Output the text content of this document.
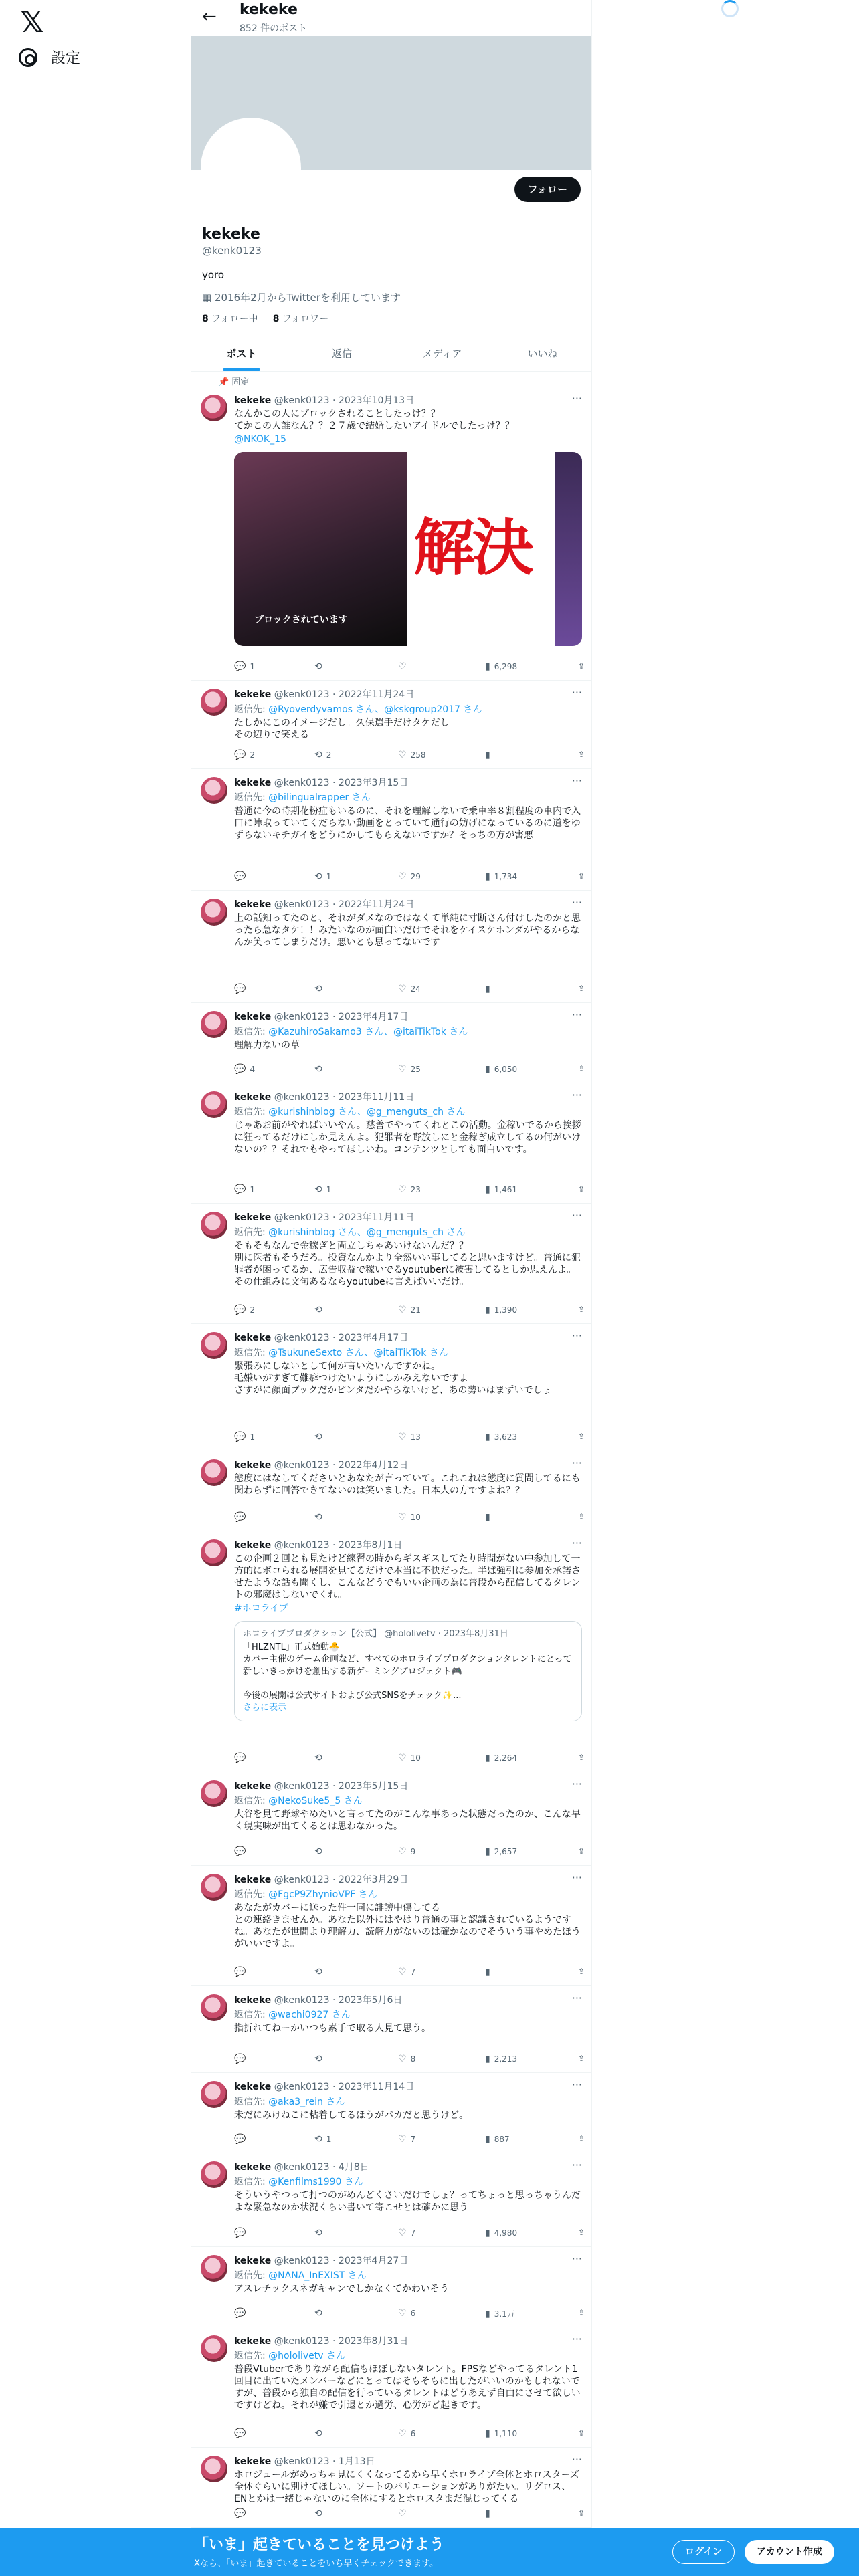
𝕏
設定
← kekeke
852 件のポスト
フォロー
kekeke
@kenk0123
yoro
▦ 2016年2月からTwitterを利用しています
8 フォロー中 8 フォロワー
ポスト	返信	メディア	いいね
📌 固定
kekeke @kenk0123 · 2023年10月13日	···
なんかこの人にブロックされることしたっけ？？
てかこの人誰なん？？２７歳で結婚したいアイドルでしたっけ？？
@NKOK_15
解決
ブロックされています
💬 1	⟲	♡	▮ 6,298	⇪
kekeke @kenk0123 · 2022年11月24日	···
返信先: @Ryoverdyvamos さん、@kskgroup2017 さん
たしかにこのイメージだし。久保選手だけタケだし
その辺りで笑える
💬 2	⟲ 2	♡ 258	▮	⇪
kekeke @kenk0123 · 2023年3月15日	···
返信先: @bilingualrapper さん
普通に今の時期花粉症もいるのに、それを理解しないで乗車率８割程度の車内で入口に陣取っていてくだらない動画をとっていて通行の妨げになっているのに道をゆずらないキチガイをどうにかしてもらえないですか？そっちの方が害悪
💬	⟲ 1	♡ 29	▮ 1,734	⇪
kekeke @kenk0123 · 2022年11月24日	···
上の話知ってたのと、それがダメなのではなくて単純に寸断さん付けしたのかと思ったら急なタケ！！みたいなのが面白いだけでそれをケイスケホンダがやるからなんか笑ってしまうだけ。悪いとも思ってないです
💬	⟲	♡ 24	▮	⇪
kekeke @kenk0123 · 2023年4月17日	···
返信先: @KazuhiroSakamo3 さん、@itaiTikTok さん
理解力ないの草
💬 4	⟲	♡ 25	▮ 6,050	⇪
kekeke @kenk0123 · 2023年11月11日	···
返信先: @kurishinblog さん、@g_menguts_ch さん
じゃあお前がやればいいやん。慈善でやってくれとこの活動。金稼いでるから挨拶に狂ってるだけにしか見えんよ。犯罪者を野放しにと金稼ぎ成立してるの何がいけないの？？それでもやってほしいわ。コンテンツとしても面白いです。
💬 1	⟲ 1	♡ 23	▮ 1,461	⇪
kekeke @kenk0123 · 2023年11月11日	···
返信先: @kurishinblog さん、@g_menguts_ch さん
そもそもなんで金稼ぎと両立しちゃあいけないんだ？？
別に医者もそうだろ。投資なんかより全然いい事してると思いますけど。普通に犯罪者が困ってるか、広告収益で稼いでるyoutuberに被害してるとしか思えんよ。その仕組みに文句あるならyoutubeに言えばいいだけ。
💬 2	⟲	♡ 21	▮ 1,390	⇪
kekeke @kenk0123 · 2023年4月17日	···
返信先: @TsukuneSexto さん、@itaiTikTok さん
緊張みにしないとして何が言いたいんですかね。
毛嫌いがすぎて難癖つけたいようにしかみえないですよ
さすがに顔面ブックだかピンタだかやらないけど、あの勢いはまずいでしょ
💬 1	⟲	♡ 13	▮ 3,623	⇪
kekeke @kenk0123 · 2022年4月12日	···
態度にはなしてくださいとあなたが言っていて。これこれは態度に質問してるにも関わらずに回答できてないのは笑いました。日本人の方ですよね？？
💬	⟲	♡ 10	▮	⇪
kekeke @kenk0123 · 2023年8月1日	···
この企画２回とも見たけど練習の時からギスギスしてたり時間がない中参加して一方的にボコられる展開を見てるだけで本当に不快だった。半ば強引に参加を承諾させたような話も聞くし、こんなどうでもいい企画の為に普段から配信してるタレントの邪魔はしないでくれ。
#ホロライブ
ホロライブプロダクション【公式】 @hololivetv · 2023年8月31日
「HLZNTL」正式始動🐣
カバー主催のゲーム企画など、すべてのホロライブプロダクションタレントにとって新しいきっかけを創出する新ゲーミングプロジェクト🎮

今後の展開は公式サイトおよび公式SNSをチェック✨...
さらに表示
💬	⟲	♡ 10	▮ 2,264	⇪
kekeke @kenk0123 · 2023年5月15日	···
返信先: @NekoSuke5_5 さん
大谷を見て野球やめたいと言ってたのがこんな事あった状態だったのか、こんな早く現実味が出てくるとは思わなかった。
💬	⟲	♡ 9	▮ 2,657	⇪
kekeke @kenk0123 · 2022年3月29日	···
返信先: @FgcP9ZhynioVPF さん
あなたがカバーに送った件一同に誹謗中傷してる
との連絡きませんか。あなた以外にはやはり普通の事と認識されているようですね。あなたが世間より理解力、読解力がないのは確かなのでそういう事やめたほうがいいですよ。
💬	⟲	♡ 7	▮	⇪
kekeke @kenk0123 · 2023年5月6日	···
返信先: @wachi0927 さん
指折れてねーかいつも素手で取る人見て思う。
💬	⟲	♡ 8	▮ 2,213	⇪
kekeke @kenk0123 · 2023年11月14日	···
返信先: @aka3_rein さん
未だにみけねこに粘着してるほうがバカだと思うけど。
💬	⟲ 1	♡ 7	▮ 887	⇪
kekeke @kenk0123 · 4月8日	···
返信先: @Kenfilms1990 さん
そういうやつって打つのがめんどくさいだけでしょ？ってちょっと思っちゃうんだよな緊急なのか状況くらい書いて寄こせとは確かに思う
💬	⟲	♡ 7	▮ 4,980	⇪
kekeke @kenk0123 · 2023年4月27日	···
返信先: @NANA_InEXIST さん
アスレチックスネガキャンでしかなくてかわいそう
💬	⟲	♡ 6	▮ 3.1万	⇪
kekeke @kenk0123 · 2023年8月31日	···
返信先: @hololivetv さん
普段Vtuberでありながら配信もほぼしないタレント。FPSなどやってるタレント1回目に出ていたメンバーなどにとってはそもそもに出したがいいのかもしれないですが、普段から独自の配信を行っているタレントはどうあえず自由にさせて欲しいですけどね。それが嫌で引退とか過労、心労がど起きです。
💬	⟲	♡ 6	▮ 1,110	⇪
kekeke @kenk0123 · 1月13日	···
ホロジュールがめっちゃ見にくくなってるから早くホロライブ全体とホロスターズ全体ぐらいに別けてほしい。ソートのバリエーションがありがたい。リグロス、ENとかは一緒じゃないのに全体にするとホロスタまだ混じってくる
💬	⟲	♡	▮	⇪
「いま」起きていることを見つけよう
Xなら、「いま」起きていることをいち早くチェックできます。
ログイン	アカウント作成
